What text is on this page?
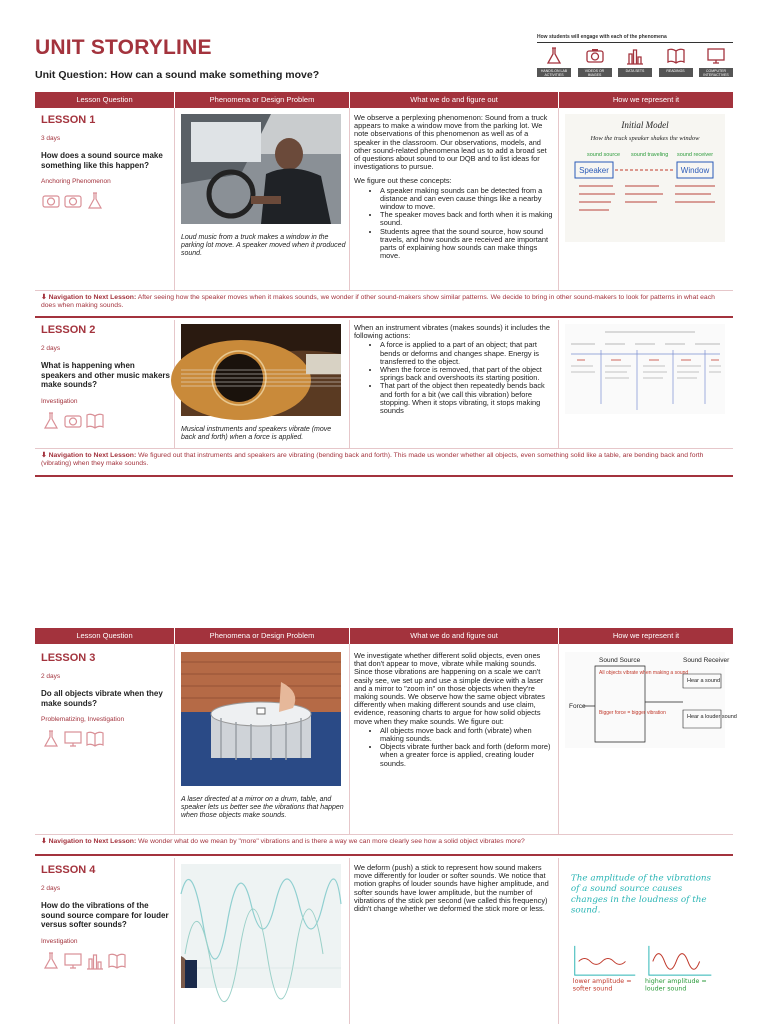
UNIT STORYLINE
Unit Question: How can a sound make something move?
How students will engage with each of the phenomena
HANDS-ON LAB ACTIVITIES
VIDEOS OR IMAGES
DATA SETS	READINGS	COMPUTER INTERACTIVES
Lesson Question	Phenomena or Design Problem	What we do and figure out	How we represent it
LESSON 1
3 days
How does a sound source make something like this happen?
Anchoring Phenomenon
Loud music from a truck makes a window in the parking lot move. A speaker moved when it produced sound.

We observe a perplexing phenomenon: Sound from a truck appears to make a window move from the parking lot. We note observations of this phenomenon as well as of a speaker in the classroom. Our observations, models, and other sound-related phenomena lead us to add a broad set of questions about sound to our DQB and to list ideas for investigations to pursue.

We figure out these concepts:

• A speaker making sounds can be detected from a distance and can even cause things like a nearby window to move.
• The speaker moves back and forth when it is making sound.
• Students agree that the sound source, how sound travels, and how sounds are received are important parts of explaining how sounds can make things move.
Initial Model
How the truck speaker shakes the window
sound source sound traveling sound receiver
Speaker	Window
⬇ Navigation to Next Lesson: After seeing how the speaker moves when it makes sounds, we wonder if other sound-makers show similar patterns. We decide to bring in other sound-makers to look for patterns in what each does when making sounds.
LESSON 2
2 days
What is happening when speakers and other music makers make sounds?
Investigation
Musical instruments and speakers vibrate (move back and forth) when a force is applied.

When an instrument vibrates (makes sounds) it includes the following actions:

• A force is applied to a part of an object; that part bends or deforms and changes shape. Energy is transferred to the object.
• When the force is removed, that part of the object springs back and overshoots its starting position.
• That part of the object then repeatedly bends back and forth for a bit (we call this vibration) before stopping. When it stops vibrating, it stops making sounds
⬇ Navigation to Next Lesson: We figured out that instruments and speakers are vibrating (bending back and forth). This made us wonder whether all objects, even something solid like a table, are bending back and forth (vibrating) when they make sounds.
Lesson Question	Phenomena or Design Problem	What we do and figure out	How we represent it
LESSON 3
2 days
Do all objects vibrate when they make sounds?
Problematizing, Investigation
A laser directed at a mirror on a drum, table, and speaker lets us better see the vibrations that happen when those objects make sounds.

We investigate whether different solid objects, even ones that don't appear to move, vibrate while making sounds. Since those vibrations are happening on a scale we can't easily see, we set up and use a simple device with a laser and a mirror to "zoom in" on those objects when they're making sounds. We observe how the same object vibrates differently when making different sounds and use claim, evidence, reasoning charts to argue for how solid objects move when they make sounds. We figure out:

• All objects move back and forth (vibrate) when making sounds.
• Objects vibrate further back and forth (deform more) when a greater force is applied, creating louder sounds.
Sound Source	Sound Receiver
All objects vibrate when making a sound
Bigger force = bigger vibration
Force
Hear a sound
Hear a louder sound
⬇ Navigation to Next Lesson: We wonder what do we mean by "more" vibrations and is there a way we can more clearly see how a solid object vibrates more?
LESSON 4
2 days
How do the vibrations of the sound source compare for louder versus softer sounds?
Investigation

We deform (push) a stick to represent how sound makers move differently for louder or softer sounds. We notice that motion graphs of louder sounds have higher amplitude, and softer sounds have lower amplitude, but the number of vibrations of the stick per second (we called this frequency) didn't change whether we deformed the stick more or less.

The amplitude of the vibrations of a sound source causes changes in the loudness of the sound.
lower amplitude = softer sound
higher amplitude = louder sound
